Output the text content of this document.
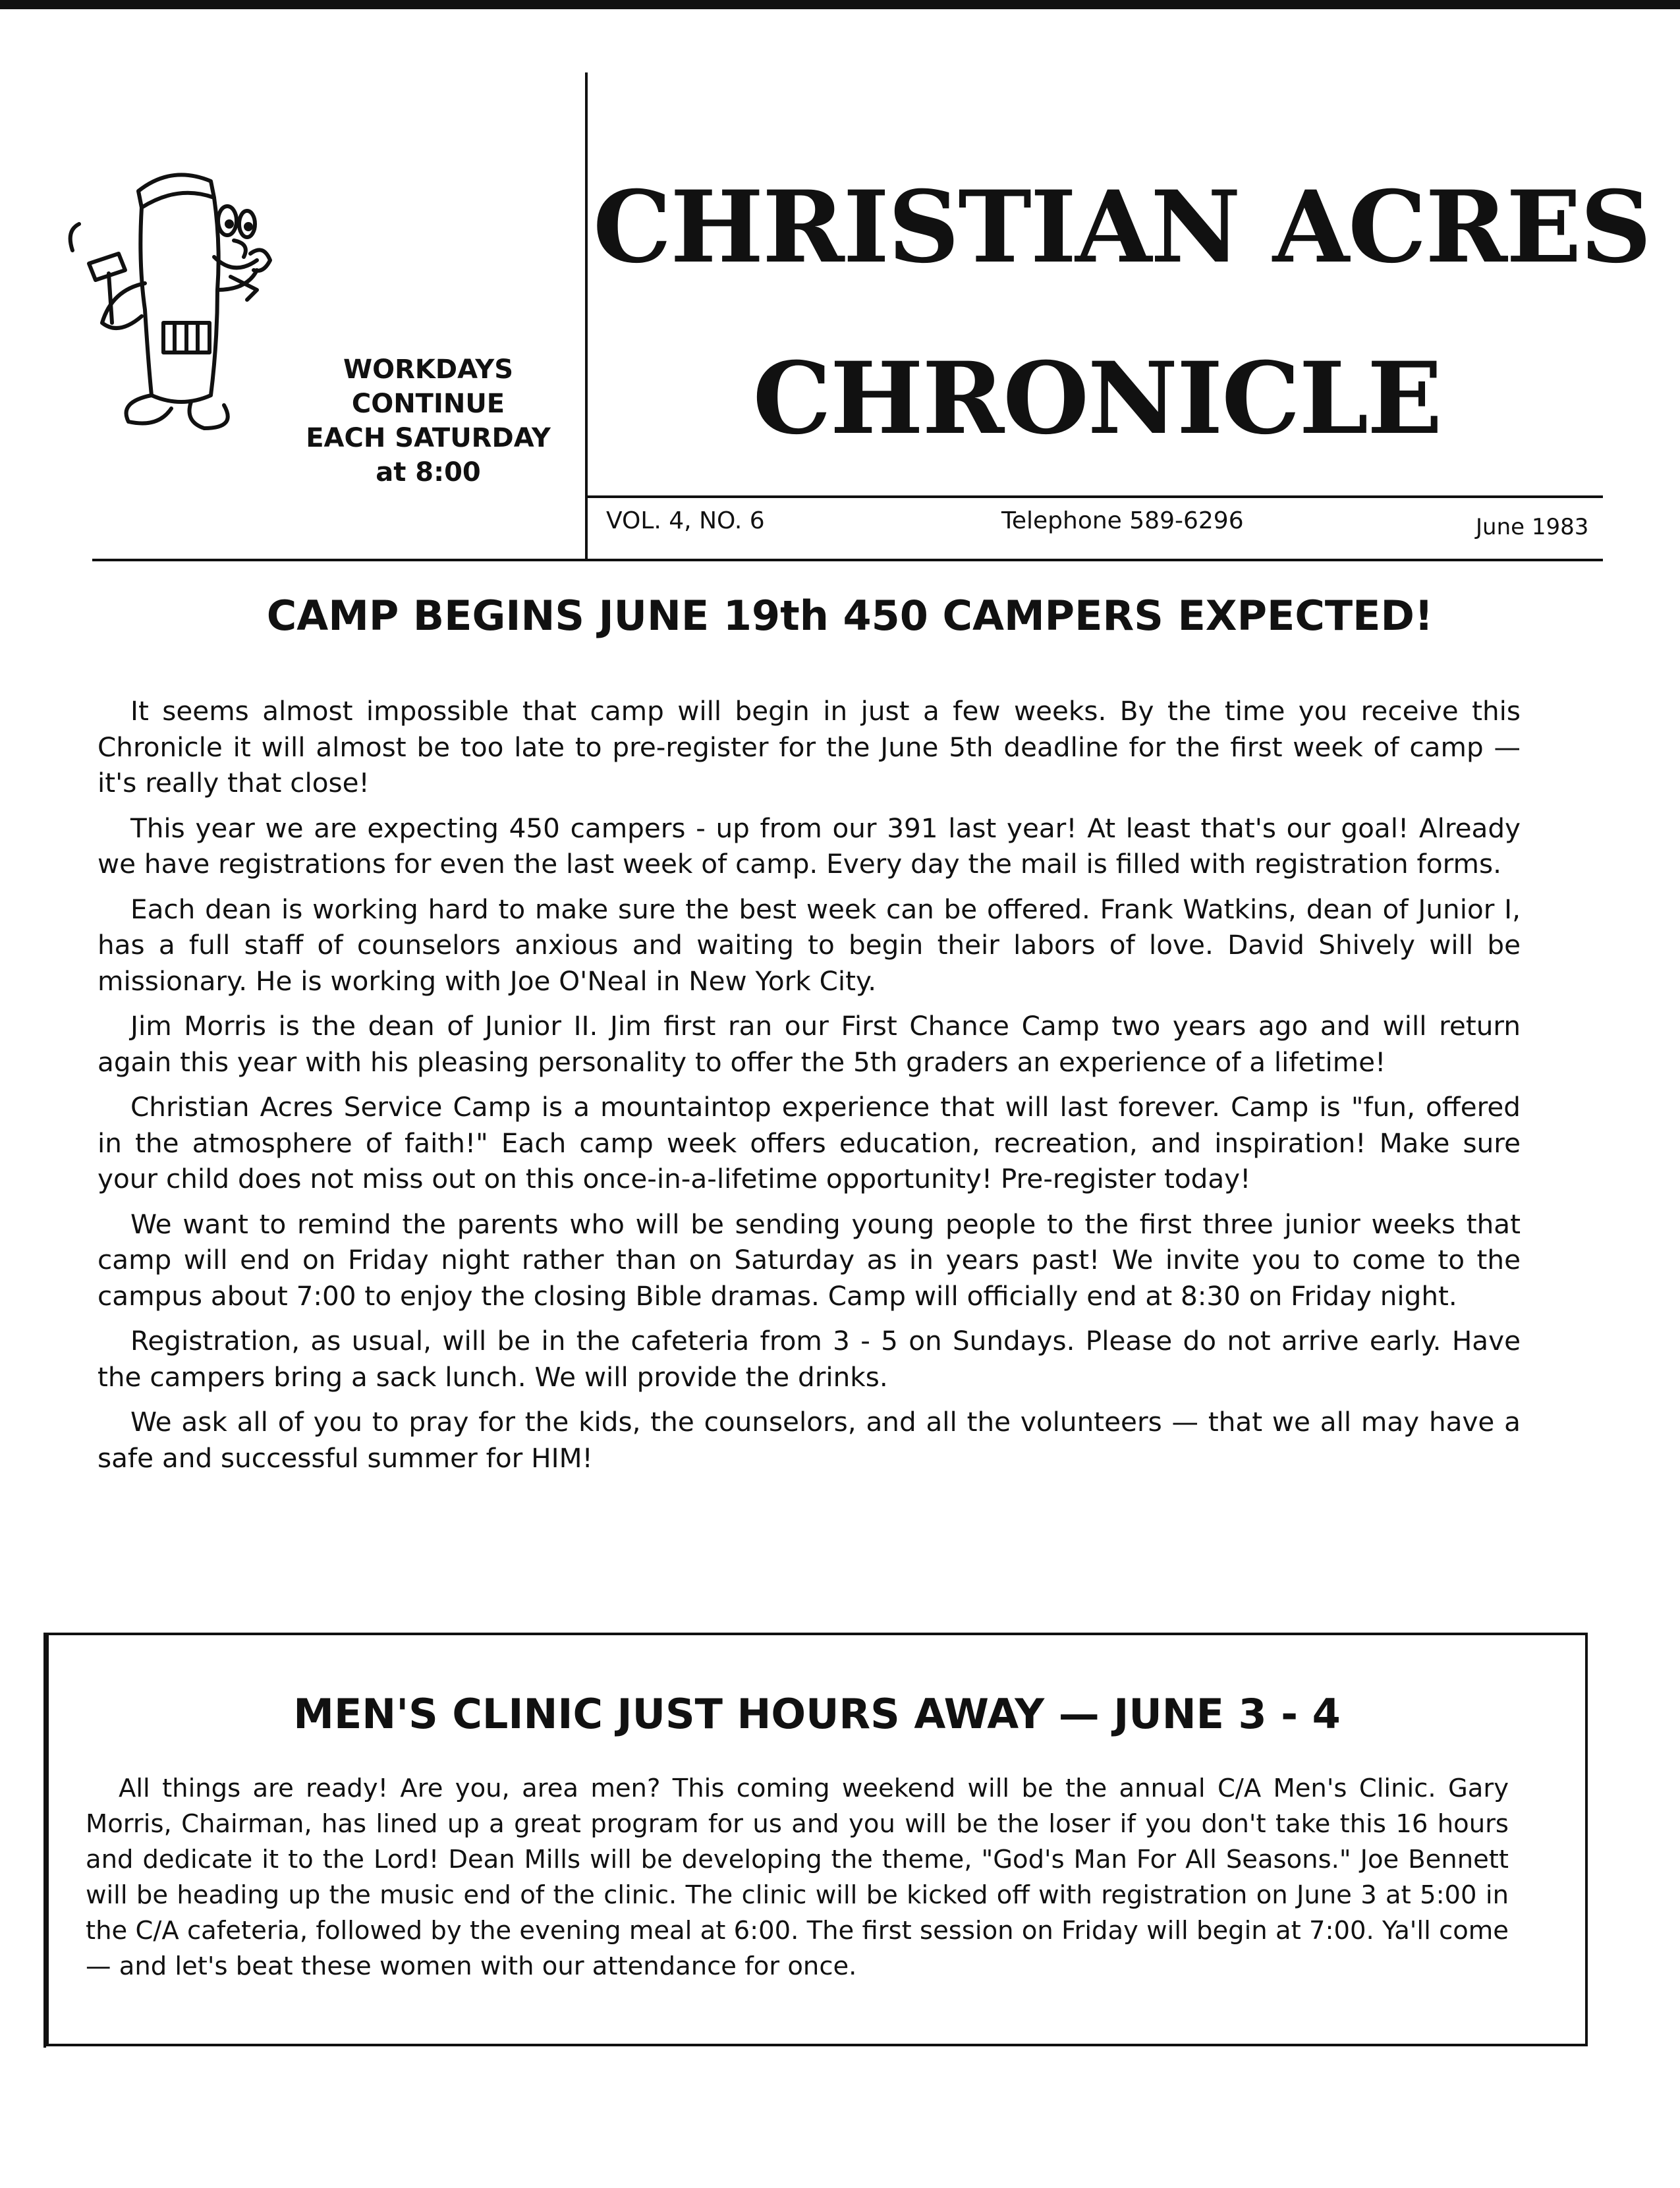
WORKDAYS
CONTINUE
EACH SATURDAY
at 8:00
CHRISTIAN ACRES
CHRONICLE
VOL. 4, NO. 6	Telephone 589-6296	June 1983
CAMP BEGINS JUNE 19th 450 CAMPERS EXPECTED!

It seems almost impossible that camp will begin in just a few weeks. By the time you receive this Chronicle it will almost be too late to pre-register for the June 5th deadline for the first week of camp — it's really that close!

This year we are expecting 450 campers - up from our 391 last year! At least that's our goal! Already we have registrations for even the last week of camp. Every day the mail is filled with registration forms.

Each dean is working hard to make sure the best week can be offered. Frank Watkins, dean of Junior I, has a full staff of counselors anxious and waiting to begin their labors of love. David Shively will be missionary. He is working with Joe O'Neal in New York City.

Jim Morris is the dean of Junior II. Jim first ran our First Chance Camp two years ago and will return again this year with his pleasing personality to offer the 5th graders an experience of a lifetime!

Christian Acres Service Camp is a mountaintop experience that will last forever. Camp is "fun, offered in the atmosphere of faith!" Each camp week offers education, recreation, and inspiration! Make sure your child does not miss out on this once-in-a-lifetime opportunity! Pre-register today!

We want to remind the parents who will be sending young people to the first three junior weeks that camp will end on Friday night rather than on Saturday as in years past! We invite you to come to the campus about 7:00 to enjoy the closing Bible dramas. Camp will officially end at 8:30 on Friday night.

Registration, as usual, will be in the cafeteria from 3 - 5 on Sundays. Please do not arrive early. Have the campers bring a sack lunch. We will provide the drinks.

We ask all of you to pray for the kids, the counselors, and all the volunteers — that we all may have a safe and successful summer for HIM!

MEN'S CLINIC JUST HOURS AWAY — JUNE 3 - 4

All things are ready! Are you, area men? This coming weekend will be the annual C/A Men's Clinic. Gary Morris, Chairman, has lined up a great program for us and you will be the loser if you don't take this 16 hours and dedicate it to the Lord! Dean Mills will be developing the theme, "God's Man For All Seasons." Joe Bennett will be heading up the music end of the clinic. The clinic will be kicked off with registration on June 3 at 5:00 in the C/A cafeteria, followed by the evening meal at 6:00. The first session on Friday will begin at 7:00. Ya'll come — and let's beat these women with our attendance for once.
